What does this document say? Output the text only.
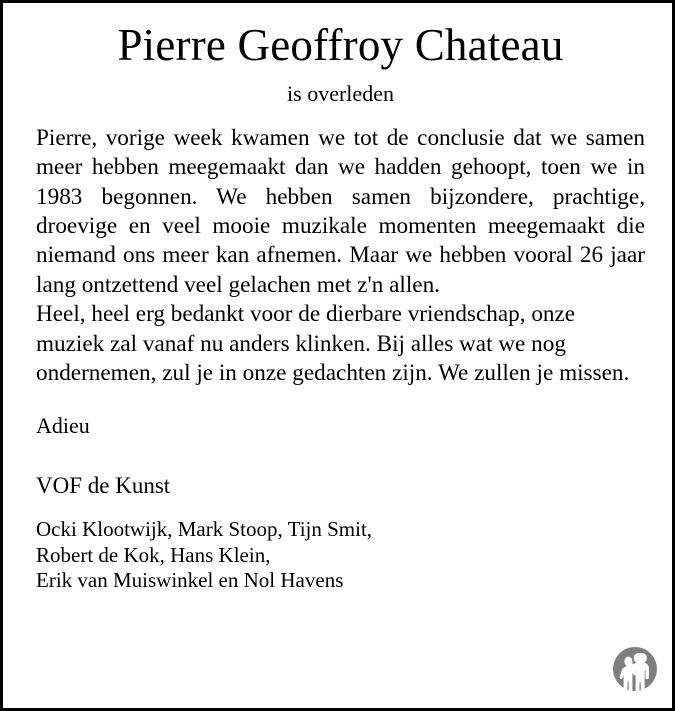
Pierre Geoffroy Chateau
is overleden

Pierre, vorige week kwamen we tot de conclusie dat we samen meer hebben meegemaakt dan we hadden gehoopt, toen we in 1983 begonnen. We hebben samen bijzondere, prachtige, droevige en veel mooie muzikale momenten meegemaakt die niemand ons meer kan afnemen. Maar we hebben vooral 26 jaar lang ontzettend veel gelachen met z'n allen.

Heel, heel erg bedankt voor de dierbare vriendschap, onze muziek zal vanaf nu anders klinken. Bij alles wat we nog ondernemen, zul je in onze gedachten zijn. We zullen je missen.

Adieu
VOF de Kunst
Ocki Klootwijk, Mark Stoop, Tijn Smit,
Robert de Kok, Hans Klein,
Erik van Muiswinkel en Nol Havens
